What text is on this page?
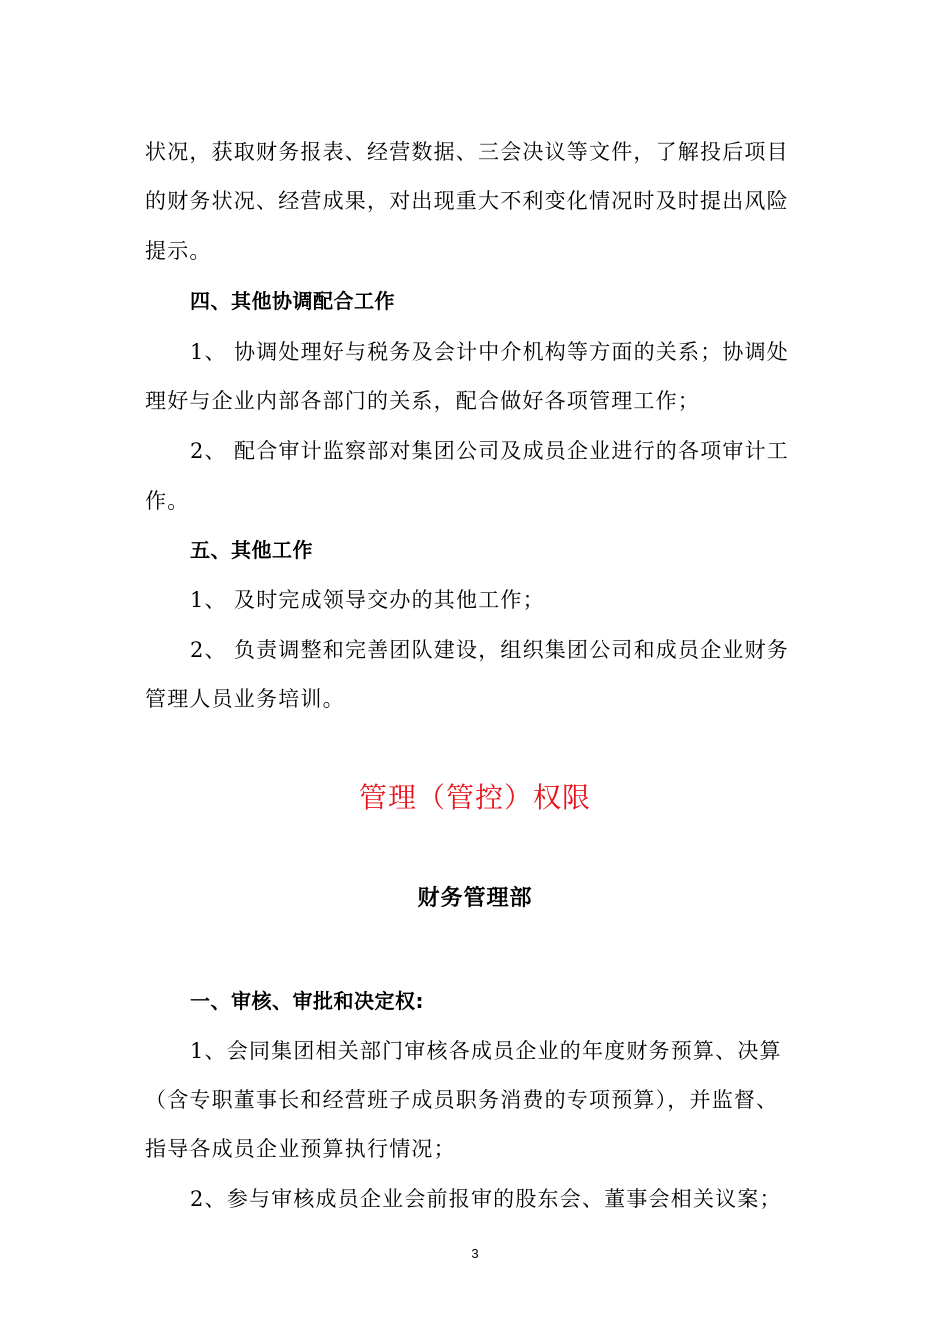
状况，获取财务报表、经营数据、三会决议等文件，了解投后项目
的财务状况、经营成果，对出现重大不利变化情况时及时提出风险
提示。
四、其他协调配合工作
1、 协调处理好与税务及会计中介机构等方面的关系；协调处
理好与企业内部各部门的关系，配合做好各项管理工作；
2、 配合审计监察部对集团公司及成员企业进行的各项审计工
作。
五、其他工作
1、 及时完成领导交办的其他工作；
2、 负责调整和完善团队建设，组织集团公司和成员企业财务
管理人员业务培训。
管理（管控）权限
财务管理部
一、审核、审批和决定权:
1、会同集团相关部门审核各成员企业的年度财务预算、决算
（含专职董事长和经营班子成员职务消费的专项预算），并监督、
指导各成员企业预算执行情况；
2、参与审核成员企业会前报审的股东会、董事会相关议案；
3
